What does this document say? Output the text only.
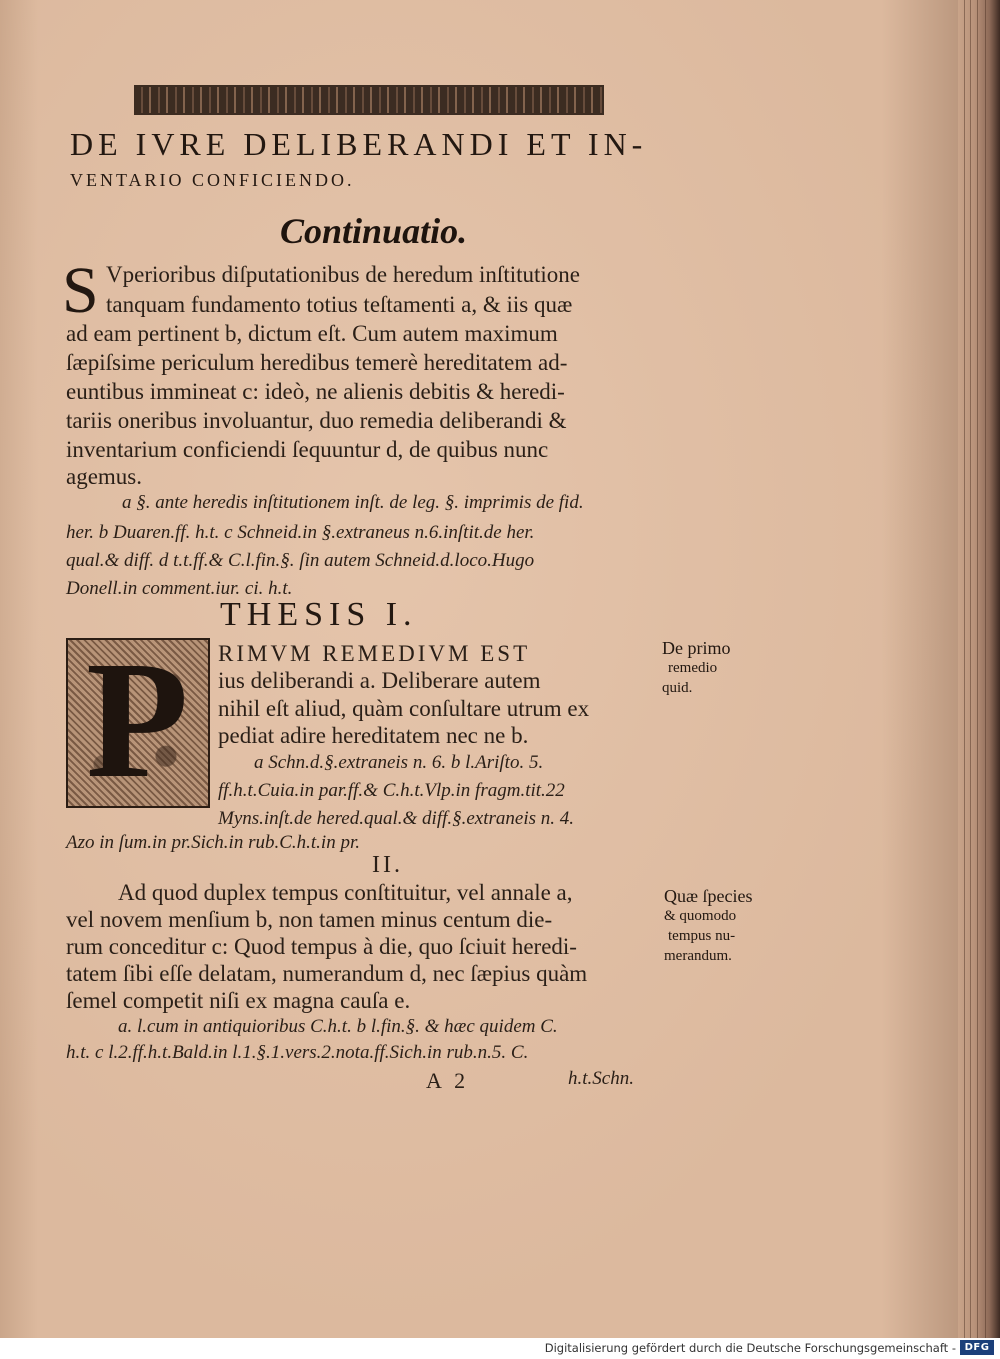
DE IVRE DELIBERANDI ET IN-
VENTARIO CONFICIENDO.
Continuatio.
S Vperioribus diſputationibus de heredum inſtitutione
tanquam fundamento totius teſtamenti a, & iis quæ
ad eam pertinent b, dictum eſt. Cum autem maximum
ſæpiſsime periculum heredibus temerè hereditatem ad-
euntibus immineat c: ideò, ne alienis debitis & heredi-
tariis oneribus involuantur, duo remedia deliberandi &
inventarium conficiendi ſequuntur d, de quibus nunc
agemus.
a §. ante heredis inſtitutionem inſt. de leg. §. imprimis de fid.
her. b Duaren.ff. h.t. c Schneid.in §.extraneus n.6.inſtit.de her.
qual.& diff. d t.t.ff.& C.l.fin.§. ſin autem Schneid.d.loco.Hugo
Donell.in comment.iur. ci. h.t.
THESIS I.
P RIMVM REMEDIVM EST
ius deliberandi a. Deliberare autem
nihil eſt aliud, quàm conſultare utrum ex
pediat adire hereditatem nec ne b.
a Schn.d.§.extraneis n. 6. b l.Ariſto. 5.
ff.h.t.Cuia.in par.ff.& C.h.t.Vlp.in fragm.tit.22
Myns.inſt.de hered.qual.& diff.§.extraneis n. 4.
Azo in ſum.in pr.Sich.in rub.C.h.t.in pr.
De primo
remedio
quid.
II.
Ad quod duplex tempus conſtituitur, vel annale a,
vel novem menſium b, non tamen minus centum die-
rum conceditur c: Quod tempus à die, quo ſciuit heredi-
tatem ſibi eſſe delatam, numerandum d, nec ſæpius quàm
ſemel competit niſi ex magna cauſa e.
a. l.cum in antiquioribus C.h.t. b l.fin.§. & hæc quidem C.
h.t. c l.2.ff.h.t.Bald.in l.1.§.1.vers.2.nota.ff.Sich.in rub.n.5. C.
Quæ ſpecies
& quomodo
tempus nu-
merandum.
A 2	h.t.Schn.
Digitalisierung gefördert durch die Deutsche Forschungsgemeinschaft - DFG
